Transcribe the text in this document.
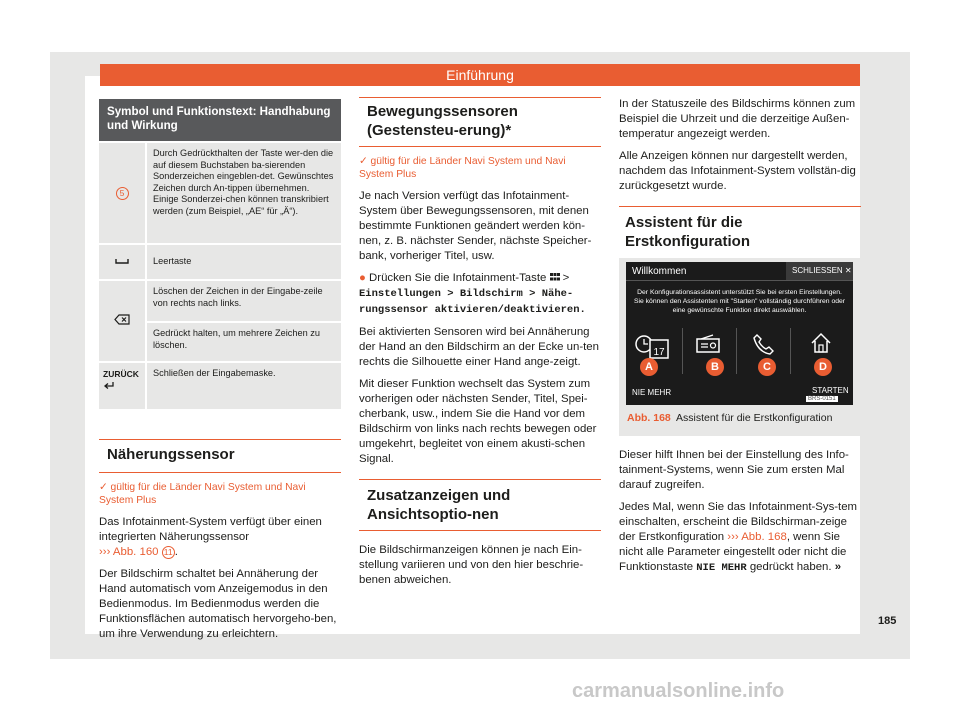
Einführung
Symbol und Funktionstext: Handhabung und Wirkung	
5	Durch Gedrückthalten der Taste wer-den die auf diesem Buchstaben ba-sierenden Sonderzeichen eingeblen-det. Gewünschtes Zeichen durch An-tippen übernehmen. Einige Sonderzei-chen können transkribiert werden (zum Beispiel, „AE“ für „Ä“).
	Leertaste
	Löschen der Zeichen in der Eingabe-zeile von rechts nach links.
	Gedrückt halten, um mehrere Zeichen zu löschen.

ZURÜCK	Schließen der Eingabemaske.
Näherungssensor

✓ gültig für die Länder Navi System und Navi System Plus

Das Infotainment-System verfügt über einen integrierten Näherungssensor
››› Abb. 160 11 .

Der Bildschirm schaltet bei Annäherung der Hand automatisch vom Anzeigemodus in den Bedienmodus. Im Bedienmodus werden die Funktionsflächen automatisch hervorgeho-ben, um ihre Verwendung zu erleichtern.

Bewegungssensoren (Gestensteu-erung)*

✓ gültig für die Länder Navi System und Navi System Plus

Je nach Version verfügt das Infotainment-System über Bewegungssensoren, mit denen bestimmte Funktionen geändert werden kön-nen, z. B. nächster Sender, nächste Speicher-bank, vorheriger Titel, usw.

● Drücken Sie die Infotainment-Taste  >
Einstellungen > Bildschirm > Nähe-rungssensor aktivieren/deaktivieren.

Bei aktivierten Sensoren wird bei Annäherung der Hand an den Bildschirm an der Ecke un-ten rechts die Silhouette einer Hand ange-zeigt.

Mit dieser Funktion wechselt das System zum vorherigen oder nächsten Sender, Titel, Spei-cherbank, usw., indem Sie die Hand vor dem Bildschirm von links nach rechts bewegen oder umgekehrt, begleitet von einem akusti-schen Signal.

Zusatzanzeigen und Ansichtsoptio-nen

Die Bildschirmanzeigen können je nach Ein-stellung variieren und von den hier beschrie-benen abweichen.

In der Statuszeile des Bildschirms können zum Beispiel die Uhrzeit und die derzeitige Außen-temperatur angezeigt werden.

Alle Anzeigen können nur dargestellt werden, nachdem das Infotainment-System vollstän-dig zurückgesetzt wurde.

Assistent für die Erstkonfiguration
Willkommen	SCHLIESSEN ✕
Der Konfigurationsassistent unterstützt Sie bei ersten Einstellungen. Sie können den Assistenten mit "Starten" vollständig durchführen oder eine gewünschte Funktion direkt auswählen.
17
A	B	C	D
NIE MEHR	STARTEN
BRS-0151
Abb. 168 Assistent für die Erstkonfiguration

Dieser hilft Ihnen bei der Einstellung des Info-tainment-Systems, wenn Sie zum ersten Mal darauf zugreifen.

Jedes Mal, wenn Sie das Infotainment-Sys-tem einschalten, erscheint die Bildschirman-zeige der Erstkonfiguration ››› Abb. 168, wenn Sie nicht alle Parameter eingestellt oder nicht die Funktionstaste NIE MEHR gedrückt haben. »

185
carmanualsonline.info
